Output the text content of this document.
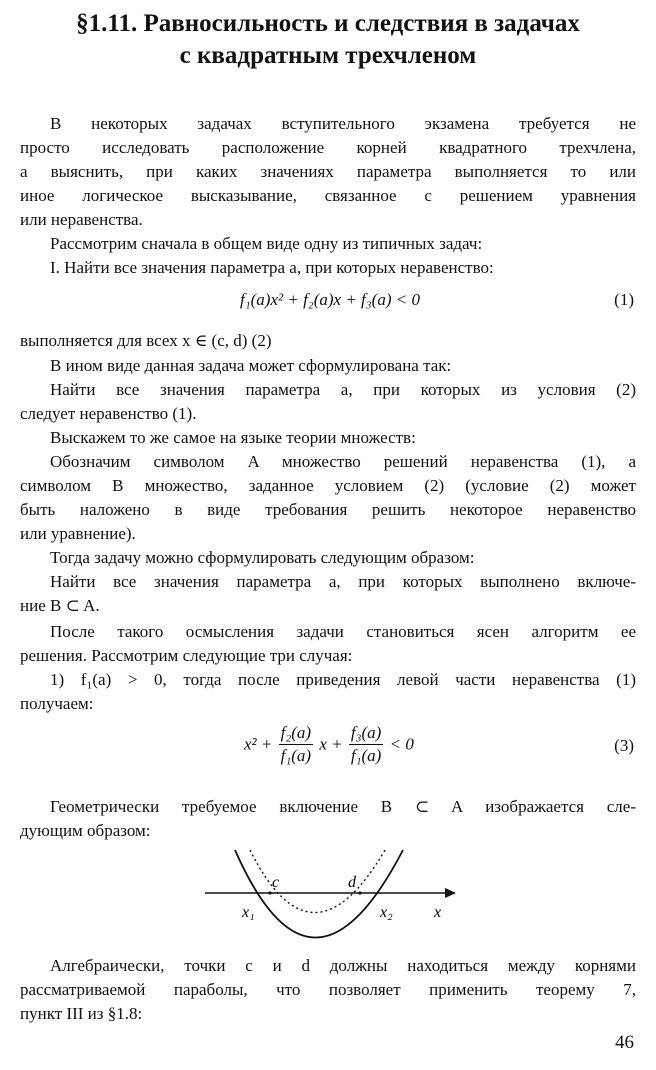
§1.11. Равносильность и следствия в задачах
с квадратным трехчленом
В некоторых задачах вступительного экзамена требуется не
просто исследовать расположение корней квадратного трехчлена,
а выяснить, при каких значениях параметра выполняется то или
иное логическое высказывание, связанное с решением уравнения
или неравенства.
Рассмотрим сначала в общем виде одну из типичных задач:
I. Найти все значения параметра a, при которых неравенство:
f₁(a)x² + f₂(a)x + f₃(a) < 0	(1)
выполняется для всех x ∈ (c, d) (2)
В ином виде данная задача может сформулирована так:
Найти все значения параметра a, при которых из условия (2)
следует неравенство (1).
Выскажем то же самое на языке теории множеств:
Обозначим символом A множество решений неравенства (1), а
символом B множество, заданное условием (2) (условие (2) может
быть наложено в виде требования решить некоторое неравенство
или уравнение).
Тогда задачу можно сформулировать следующим образом:
Найти все значения параметра a, при которых выполнено включе-
ние B ⊂ A.
После такого осмысления задачи становиться ясен алгоритм ее
решения. Рассмотрим следующие три случая:
1) f₁(a) > 0, тогда после приведения левой части неравенства (1)
получаем:
$x^2 + \frac{\text{f₂(a)}}{\text{f₁(a)}}$ $x + \frac{\text{f₃(a)}}{\text{f₁(a)}} < 0$	(3)
Геометрически требуемое включение B ⊂ A изображается сле-
дующим образом:
c	d
x₁	x₂	x
Алгебраически, точки c и d должны находиться между корнями
рассматриваемой параболы, что позволяет применить теорему 7,
пункт III из §1.8:
46
